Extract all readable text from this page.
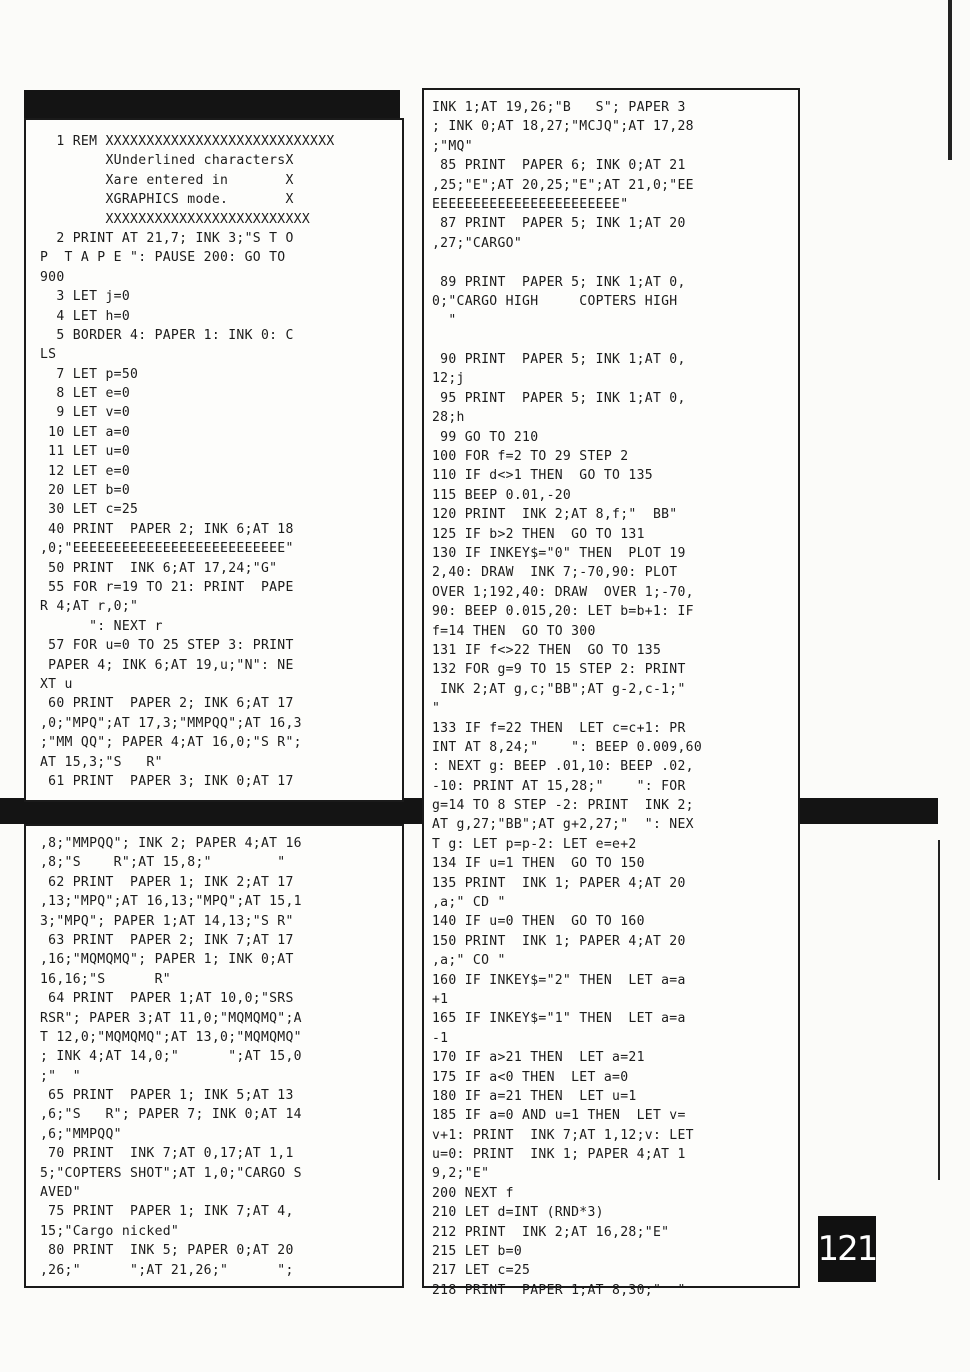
1 REM XXXXXXXXXXXXXXXXXXXXXXXXXXXX
XUnderlined charactersX
Xare entered in       X
XGRAPHICS mode.       X
XXXXXXXXXXXXXXXXXXXXXXXXX
2 PRINT AT 21,7; INK 3;"S T O
P  T A P E ": PAUSE 200: GO TO
900
3 LET j=0
4 LET h=0
5 BORDER 4: PAPER 1: INK 0: C
LS
7 LET p=50
8 LET e=0
9 LET v=0
10 LET a=0
11 LET u=0
12 LET e=0
20 LET b=0
30 LET c=25
40 PRINT  PAPER 2; INK 6;AT 18
,0;"EEEEEEEEEEEEEEEEEEEEEEEEEE"
50 PRINT  INK 6;AT 17,24;"G"
55 FOR r=19 TO 21: PRINT  PAPE
R 4;AT r,0;"
": NEXT r
57 FOR u=0 TO 25 STEP 3: PRINT
PAPER 4; INK 6;AT 19,u;"N": NE
XT u
60 PRINT  PAPER 2; INK 6;AT 17
,0;"MPQ";AT 17,3;"MMPQQ";AT 16,3
;"MM QQ"; PAPER 4;AT 16,0;"S R";
AT 15,3;"S   R"
61 PRINT  PAPER 3; INK 0;AT 17
,8;"MMPQQ"; INK 2; PAPER 4;AT 16
,8;"S    R";AT 15,8;"        "
62 PRINT  PAPER 1; INK 2;AT 17
,13;"MPQ";AT 16,13;"MPQ";AT 15,1
3;"MPQ"; PAPER 1;AT 14,13;"S R"
63 PRINT  PAPER 2; INK 7;AT 17
,16;"MQMQMQ"; PAPER 1; INK 0;AT
16,16;"S      R"
64 PRINT  PAPER 1;AT 10,0;"SRS
RSR"; PAPER 3;AT 11,0;"MQMQMQ";A
T 12,0;"MQMQMQ";AT 13,0;"MQMQMQ"
; INK 4;AT 14,0;"      ";AT 15,0
;"  "
65 PRINT  PAPER 1; INK 5;AT 13
,6;"S   R"; PAPER 7; INK 0;AT 14
,6;"MMPQQ"
70 PRINT  INK 7;AT 0,17;AT 1,1
5;"COPTERS SHOT";AT 1,0;"CARGO S
AVED"
75 PRINT  PAPER 1; INK 7;AT 4,
15;"Cargo nicked"
80 PRINT  INK 5; PAPER 0;AT 20
,26;"      ";AT 21,26;"      ";
INK 1;AT 19,26;"B   S"; PAPER 3
; INK 0;AT 18,27;"MCJQ";AT 17,28
;"MQ"
85 PRINT  PAPER 6; INK 0;AT 21
,25;"E";AT 20,25;"E";AT 21,0;"EE
EEEEEEEEEEEEEEEEEEEEEEE"
87 PRINT  PAPER 5; INK 1;AT 20
,27;"CARGO"
89 PRINT  PAPER 5; INK 1;AT 0,
0;"CARGO HIGH     COPTERS HIGH
"
90 PRINT  PAPER 5; INK 1;AT 0,
12;j
95 PRINT  PAPER 5; INK 1;AT 0,
28;h
99 GO TO 210
100 FOR f=2 TO 29 STEP 2
110 IF d<>1 THEN  GO TO 135
115 BEEP 0.01,-20
120 PRINT  INK 2;AT 8,f;"  BB"
125 IF b>2 THEN  GO TO 131
130 IF INKEY$="0" THEN  PLOT 19
2,40: DRAW  INK 7;-70,90: PLOT
OVER 1;192,40: DRAW  OVER 1;-70,
90: BEEP 0.015,20: LET b=b+1: IF
f=14 THEN  GO TO 300
131 IF f<>22 THEN  GO TO 135
132 FOR g=9 TO 15 STEP 2: PRINT
INK 2;AT g,c;"BB";AT g-2,c-1;"
"
133 IF f=22 THEN  LET c=c+1: PR
INT AT 8,24;"    ": BEEP 0.009,60
: NEXT g: BEEP .01,10: BEEP .02,
-10: PRINT AT 15,28;"    ": FOR
g=14 TO 8 STEP -2: PRINT  INK 2;
AT g,27;"BB";AT g+2,27;"  ": NEX
T g: LET p=p-2: LET e=e+2
134 IF u=1 THEN  GO TO 150
135 PRINT  INK 1; PAPER 4;AT 20
,a;" CD "
140 IF u=0 THEN  GO TO 160
150 PRINT  INK 1; PAPER 4;AT 20
,a;" CO "
160 IF INKEY$="2" THEN  LET a=a
+1
165 IF INKEY$="1" THEN  LET a=a
-1
170 IF a>21 THEN  LET a=21
175 IF a<0 THEN  LET a=0
180 IF a=21 THEN  LET u=1
185 IF a=0 AND u=1 THEN  LET v=
v+1: PRINT  INK 7;AT 1,12;v: LET
u=0: PRINT  INK 1; PAPER 4;AT 1
9,2;"E"
200 NEXT f
210 LET d=INT (RND*3)
212 PRINT  INK 2;AT 16,28;"E"
215 LET b=0
217 LET c=25
218 PRINT  PAPER 1;AT 8,30;"  "
121
